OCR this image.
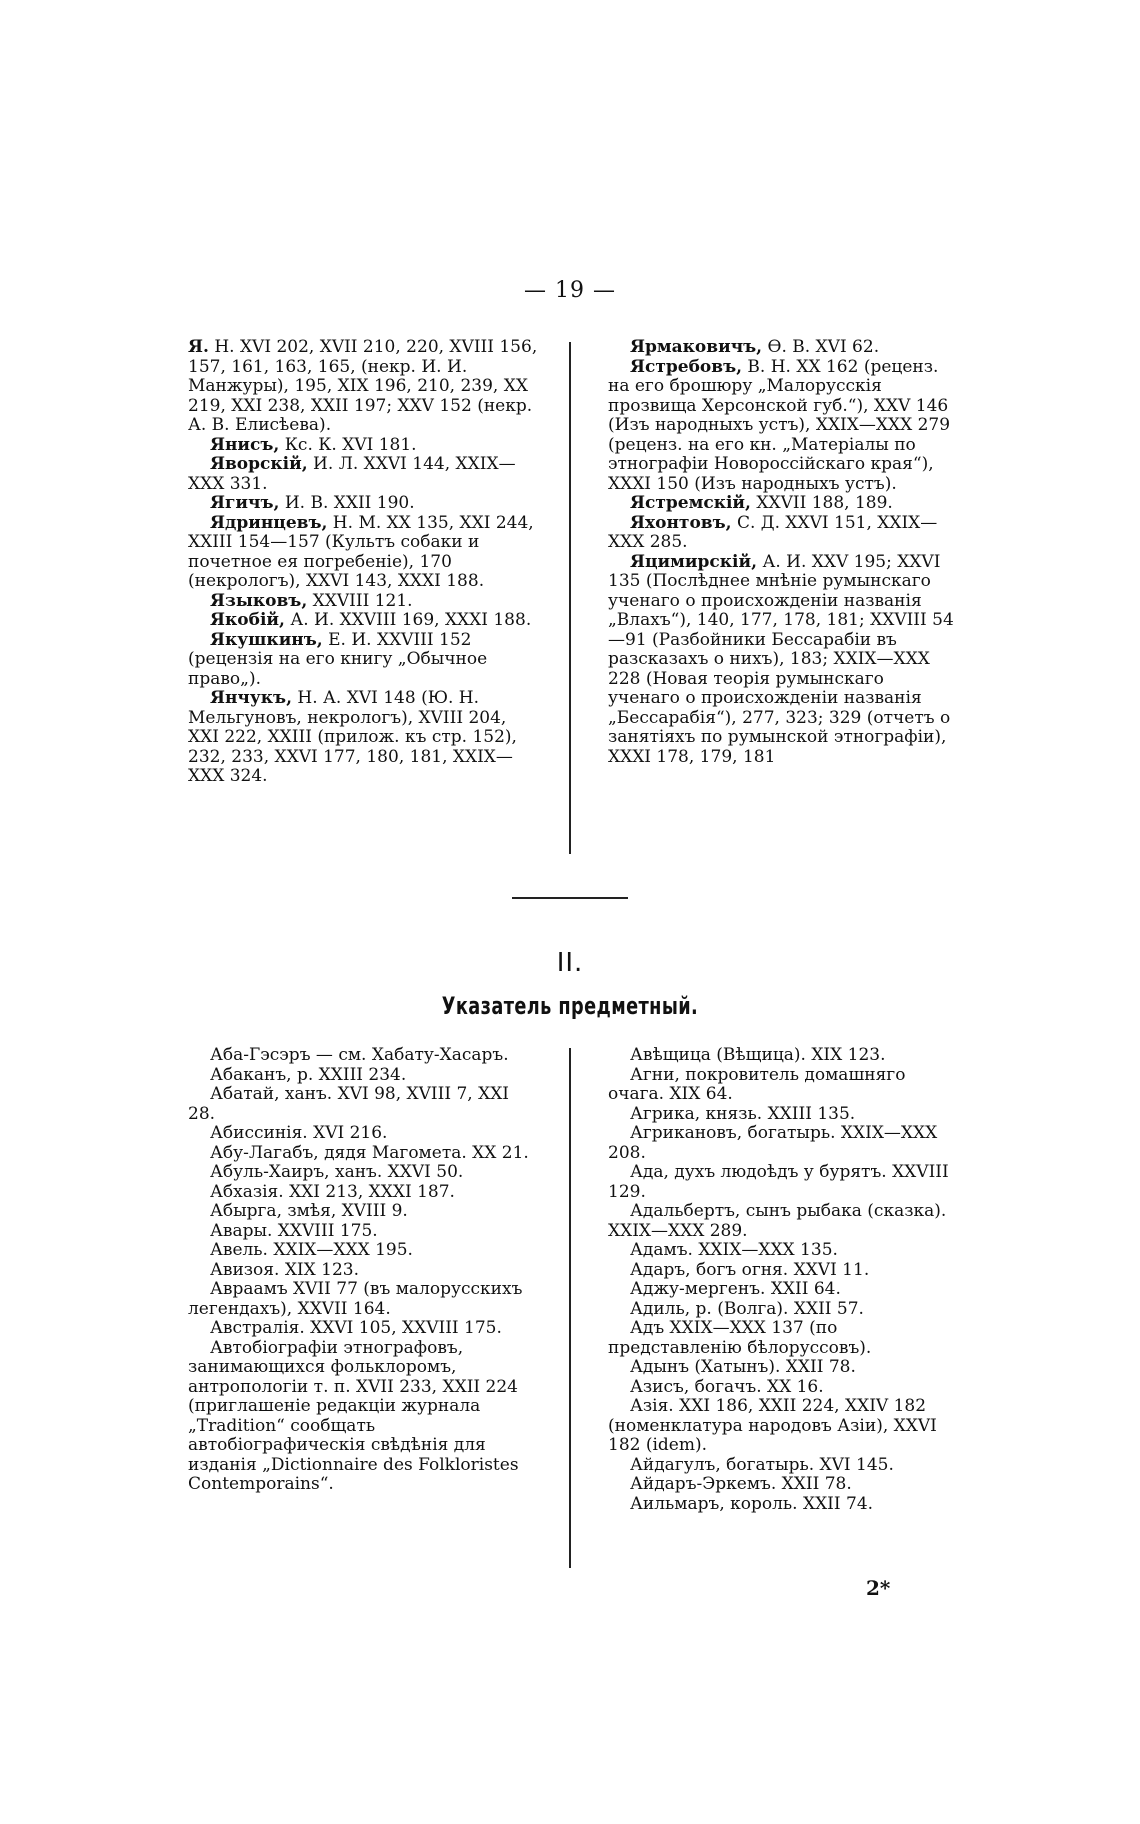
— 19 —

Я. Н. XVI 202, XVII 210, 220, XVIII 156, 157, 161, 163, 165, (некр. И. И. Манжуры), 195, XIX 196, 210, 239, XX 219, XXI 238, XXII 197; XXV 152 (некр. А. В. Елисѣева).

Янисъ, Кс. К. XVI 181.

Яворскій, И. Л. XXVI 144, XXIX—XXX 331.

Ягичъ, И. В. XXII 190.

Ядринцевъ, Н. М. XX 135, XXI 244, XXIII 154—157 (Культъ собаки и почетное ея погребеніе), 170 (некрологъ), XXVI 143, XXXI 188.

Языковъ, XXVIII 121.

Якобій, А. И. XXVIII 169, XXXI 188.

Якушкинъ, Е. И. XXVIII 152 (рецензія на его книгу „Обычное право„).

Янчукъ, Н. А. XVI 148 (Ю. Н. Мельгуновъ, некрологъ), XVIII 204, XXI 222, XXIII (прилож. къ стр. 152), 232, 233, XXVI 177, 180, 181, XXIX—XXX 324.

Ярмаковичъ, Ѳ. В. XVI 62.

Ястребовъ, В. Н. XX 162 (реценз. на его брошюру „Малорусскія прозвища Херсонской губ.“), XXV 146 (Изъ народныхъ устъ), XXIX—XXX 279 (реценз. на его кн. „Матеріалы по этнографіи Новороссійскаго края“), XXXI 150 (Изъ народныхъ устъ).

Ястремскій, XXVII 188, 189.

Яхонтовъ, С. Д. XXVI 151, XXIX—XXX 285.

Яцимирскій, А. И. XXV 195; XXVI 135 (Послѣднее мнѣніе румынскаго ученаго о происхожденіи названія „Влахъ“), 140, 177, 178, 181; XXVIII 54—91 (Разбойники Бессарабіи въ разсказахъ о нихъ), 183; XXIX—XXX 228 (Новая теорія румынскаго ученаго о происхожденіи названія „Бессарабія“), 277, 323; 329 (отчетъ о занятіяхъ по румынской этнографіи), XXXI 178, 179, 181

II.
Указатель предметный.

Аба-Гэсэръ — см. Хабату-Хасаръ.

Абаканъ, р. XXIII 234.

Абатай, ханъ. XVI 98, XVIII 7, XXI 28.

Абиссинія. XVI 216.

Абу-Лагабъ, дядя Магомета. XX 21.

Абуль-Хаиръ, ханъ. XXVI 50.

Абхазія. XXI 213, XXXI 187.

Абырга, змѣя, XVIII 9.

Авары. XXVIII 175.

Авель. XXIX—XXX 195.

Авизоя. XIX 123.

Авраамъ XVII 77 (въ малорусскихъ легендахъ), XXVII 164.

Австралія. XXVI 105, XXVIII 175.

Автобіографіи этнографовъ, занимающихся фольклоромъ, антропологіи т. п. XVII 233, XXII 224 (приглашеніе редакціи журнала „Tradition“ сообщать автобіографическія свѣдѣнія для изданія „Dictionnaire des Folkloristes Contemporains“.

Авѣщица (Вѣщица). XIX 123.

Агни, покровитель домашняго очага. XIX 64.

Агрика, князь. XXIII 135.

Агрикановъ, богатырь. XXIX—XXX 208.

Ада, духъ людоѣдъ у бурятъ. XXVIII 129.

Адальбертъ, сынъ рыбака (сказка). XXIX—XXX 289.

Адамъ. XXIX—XXX 135.

Адаръ, богъ огня. XXVI 11.

Аджу-мергенъ. XXII 64.

Адиль, р. (Волга). XXII 57.

Адъ XXIX—XXX 137 (по представленію бѣлоруссовъ).

Адынъ (Хатынъ). XXII 78.

Азисъ, богачъ. XX 16.

Азія. XXI 186, XXII 224, XXIV 182 (номенклатура народовъ Азіи), XXVI 182 (idem).

Айдагулъ, богатырь. XVI 145.

Айдаръ-Эркемъ. XXII 78.

Аильмаръ, король. XXII 74.

2*
